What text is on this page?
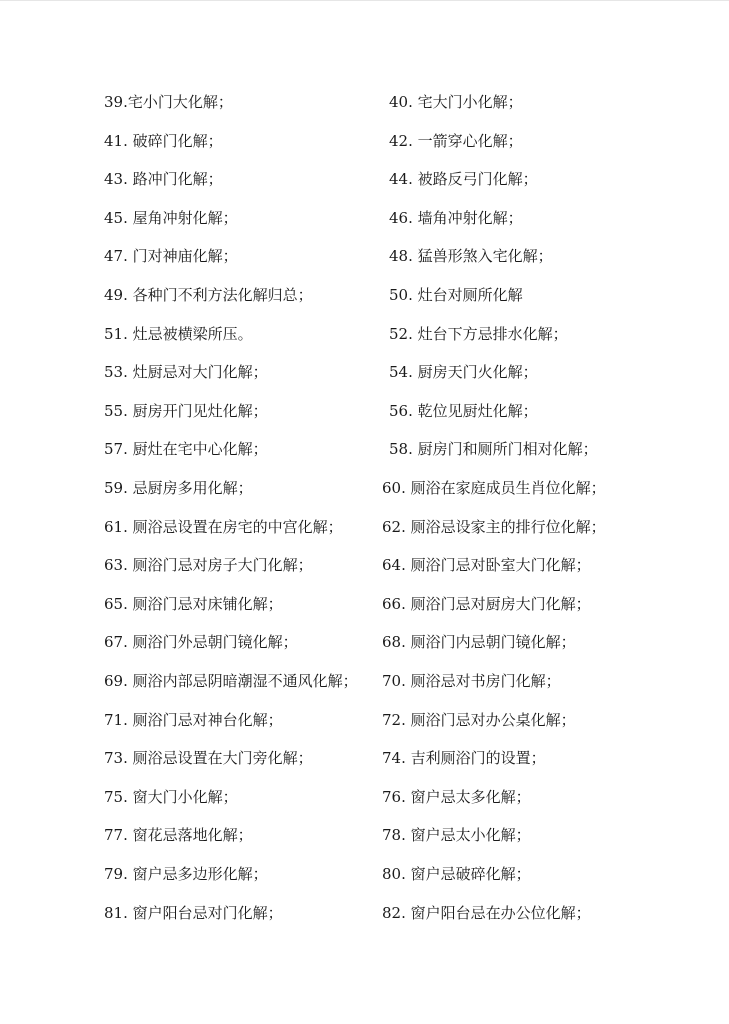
39.宅小门大化解；	40. 宅大门小化解；
41. 破碎门化解；	42. 一箭穿心化解；
43. 路冲门化解；	44. 被路反弓门化解；
45. 屋角冲射化解；	46. 墙角冲射化解；
47. 门对神庙化解；	48. 猛兽形煞入宅化解；
49. 各种门不利方法化解归总；	50. 灶台对厕所化解
51. 灶忌被横梁所压。	52. 灶台下方忌排水化解；
53. 灶厨忌对大门化解；	54. 厨房天门火化解；
55. 厨房开门见灶化解；	56. 乾位见厨灶化解；
57. 厨灶在宅中心化解；	58. 厨房门和厕所门相对化解；
59. 忌厨房多用化解；	60. 厕浴在家庭成员生肖位化解；
61. 厕浴忌设置在房宅的中宫化解；	62. 厕浴忌设家主的排行位化解；
63. 厕浴门忌对房子大门化解；	64. 厕浴门忌对卧室大门化解；
65. 厕浴门忌对床铺化解；	66. 厕浴门忌对厨房大门化解；
67. 厕浴门外忌朝门镜化解；	68. 厕浴门内忌朝门镜化解；
69. 厕浴内部忌阴暗潮湿不通风化解； 70. 厕浴忌对书房门化解；
71. 厕浴门忌对神台化解；	72. 厕浴门忌对办公桌化解；
73. 厕浴忌设置在大门旁化解；	74. 吉利厕浴门的设置；
75. 窗大门小化解；	76. 窗户忌太多化解；
77. 窗花忌落地化解；	78. 窗户忌太小化解；
79. 窗户忌多边形化解；	80. 窗户忌破碎化解；
81. 窗户阳台忌对门化解；	82. 窗户阳台忌在办公位化解；
